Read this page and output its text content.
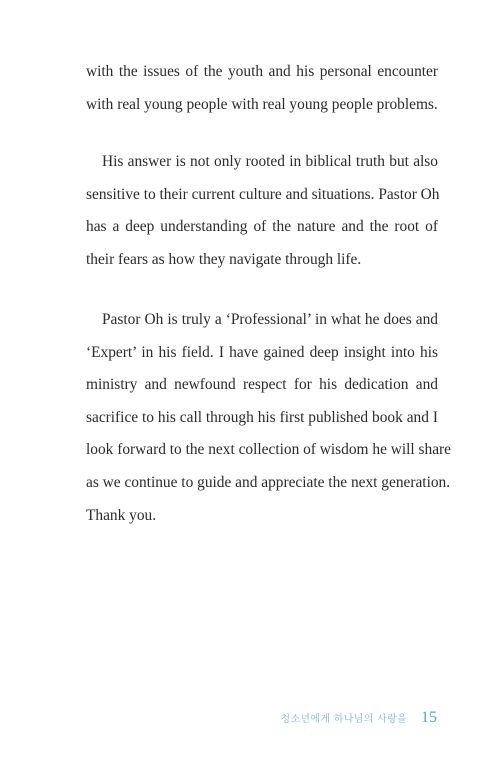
with the issues of the youth and his personal encounter
with real young people with real young people problems.
His answer is not only rooted in biblical truth but also
sensitive to their current culture and situations. Pastor Oh
has a deep understanding of the nature and the root of
their fears as how they navigate through life.
Pastor Oh is truly a ‘Professional’ in what he does and
‘Expert’ in his field. I have gained deep insight into his
ministry and newfound respect for his dedication and
sacrifice to his call through his first published book and I
look forward to the next collection of wisdom he will share
as we continue to guide and appreciate the next generation.
Thank you.
청소년에게 하나님의 사랑을 15
